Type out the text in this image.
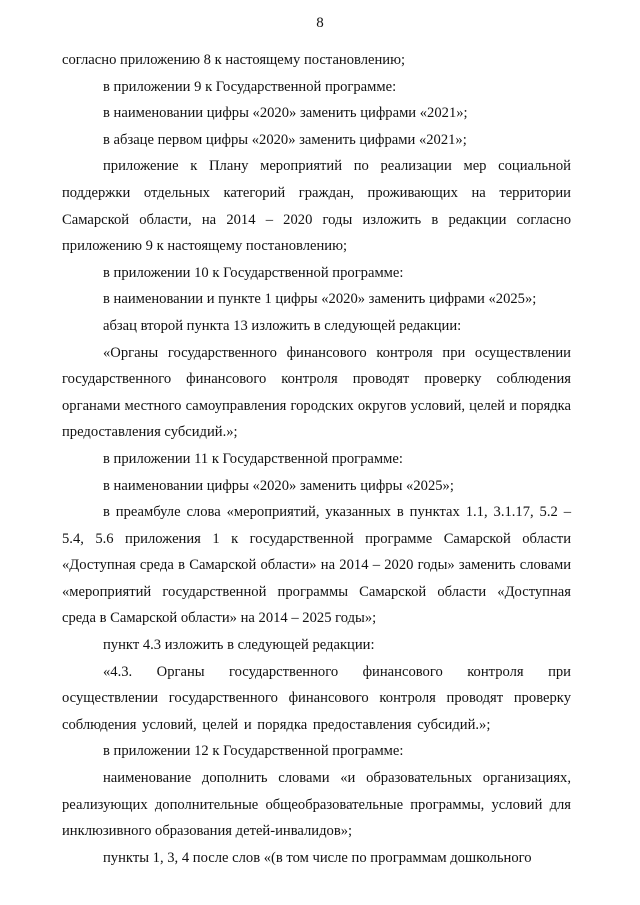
8

согласно приложению 8 к настоящему постановлению;

в приложении 9 к Государственной программе:

в наименовании цифры «2020» заменить цифрами «2021»;

в абзаце первом цифры «2020» заменить цифрами «2021»;

приложение к Плану мероприятий по реализации мер социальной поддержки отдельных категорий граждан, проживающих на территории Самарской области, на 2014 – 2020 годы изложить в редакции согласно приложению 9 к настоящему постановлению;

в приложении 10 к Государственной программе:

в наименовании и пункте 1 цифры «2020» заменить цифрами «2025»;

абзац второй пункта 13 изложить в следующей редакции:

«Органы государственного финансового контроля при осуществлении государственного финансового контроля проводят проверку соблюдения органами местного самоуправления городских округов условий, целей и порядка предоставления субсидий.»;

в приложении 11 к Государственной программе:

в наименовании цифры «2020» заменить цифры «2025»;

в преамбуле слова «мероприятий, указанных в пунктах 1.1, 3.1.17, 5.2 – 5.4, 5.6 приложения 1 к государственной программе Самарской области «Доступная среда в Самарской области» на 2014 – 2020 годы» заменить словами «мероприятий государственной программы Самарской области «Доступная среда в Самарской области» на 2014 – 2025 годы»;

пункт 4.3 изложить в следующей редакции:

«4.3. Органы государственного финансового контроля при осуществлении государственного финансового контроля проводят проверку соблюдения условий, целей и порядка предоставления субсидий.»;

в приложении 12 к Государственной программе:

наименование дополнить словами «и образовательных организациях, реализующих дополнительные общеобразовательные программы, условий для инклюзивного образования детей-инвалидов»;

пункты 1, 3, 4 после слов «(в том числе по программам дошкольного
